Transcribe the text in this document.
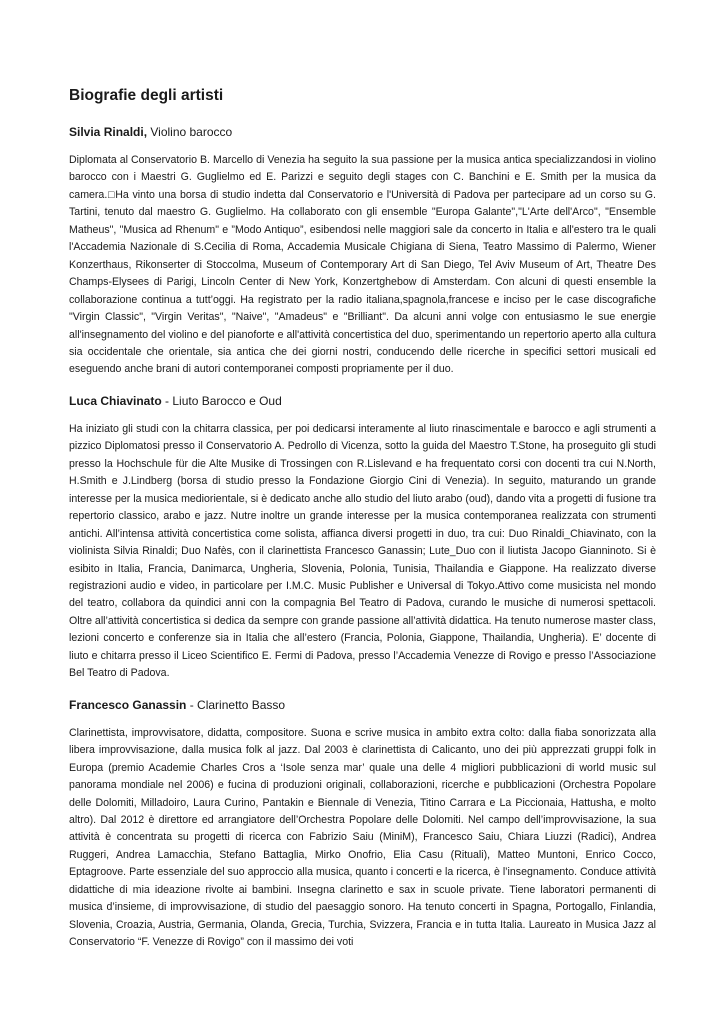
Biografie degli artisti
Silvia Rinaldi, Violino barocco

Diplomata al Conservatorio B. Marcello di Venezia ha seguito la sua passione per la musica antica specializzandosi in violino barocco con i Maestri G. Guglielmo ed E. Parizzi e seguito degli stages con C. Banchini e E. Smith per la musica da camera.□Ha vinto una borsa di studio indetta dal Conservatorio e l'Università di Padova per partecipare ad un corso su G. Tartini, tenuto dal maestro G. Guglielmo. Ha collaborato con gli ensemble "Europa Galante","L'Arte dell'Arco", "Ensemble Matheus", "Musica ad Rhenum" e ”Modo Antiquo”, esibendosi nelle maggiori sale da concerto in Italia e all'estero tra le quali l'Accademia Nazionale di S.Cecilia di Roma, Accademia Musicale Chigiana di Siena, Teatro Massimo di Palermo, Wiener Konzerthaus, Rikonserter di Stoccolma, Museum of Contemporary Art di San Diego, Tel Aviv Museum of Art, Theatre Des Champs-Elysees di Parigi, Lincoln Center di New York, Konzertghebow di Amsterdam. Con alcuni di questi ensemble la collaborazione continua a tutt’oggi. Ha registrato per la radio italiana,spagnola,francese e inciso per le case discografiche "Virgin Classic", "Virgin Veritas", "Naive", "Amadeus" e "Brilliant". Da alcuni anni volge con entusiasmo le sue energie all'insegnamento del violino e del pianoforte e all'attività concertistica del duo, sperimentando un repertorio aperto alla cultura sia occidentale che orientale, sia antica che dei giorni nostri, conducendo delle ricerche in specifici settori musicali ed eseguendo anche brani di autori contemporanei composti propriamente per il duo.

Luca Chiavinato - Liuto Barocco e Oud

Ha iniziato gli studi con la chitarra classica, per poi dedicarsi interamente al liuto rinascimentale e barocco e agli strumenti a pizzico Diplomatosi presso il Conservatorio A. Pedrollo di Vicenza, sotto la guida del Maestro T.Stone, ha proseguito gli studi presso la Hochschule für die Alte Musike di Trossingen con R.Lislevand e ha frequentato corsi con docenti tra cui N.North, H.Smith e J.Lindberg (borsa di studio presso la Fondazione Giorgio Cini di Venezia). In seguito, maturando un grande interesse per la musica mediorientale, si è dedicato anche allo studio del liuto arabo (oud), dando vita a progetti di fusione tra repertorio classico, arabo e jazz. Nutre inoltre un grande interesse per la musica contemporanea realizzata con strumenti antichi. All’intensa attività concertistica come solista, affianca diversi progetti in duo, tra cui: Duo Rinaldi_Chiavinato, con la violinista Silvia Rinaldi; Duo Nafès, con il clarinettista Francesco Ganassin; Lute_Duo con il liutista Jacopo Gianninoto. Si è esibito in Italia, Francia, Danimarca, Ungheria, Slovenia, Polonia, Tunisia, Thailandia e Giappone. Ha realizzato diverse registrazioni audio e video, in particolare per I.M.C. Music Publisher e Universal di Tokyo.Attivo come musicista nel mondo del teatro, collabora da quindici anni con la compagnia Bel Teatro di Padova, curando le musiche di numerosi spettacoli. Oltre all’attività concertistica si dedica da sempre con grande passione all’attività didattica. Ha tenuto numerose master class, lezioni concerto e conferenze sia in Italia che all’estero (Francia, Polonia, Giappone, Thailandia, Ungheria). E’ docente di liuto e chitarra presso il Liceo Scientifico E. Fermi di Padova, presso l’Accademia Venezze di Rovigo e presso l’Associazione Bel Teatro di Padova.

Francesco Ganassin - Clarinetto Basso

Clarinettista, improvvisatore, didatta, compositore. Suona e scrive musica in ambito extra colto: dalla fiaba sonorizzata alla libera improvvisazione, dalla musica folk al jazz. Dal 2003 è clarinettista di Calicanto, uno dei più apprezzati gruppi folk in Europa (premio Academie Charles Cros a ‘Isole senza mar’ quale una delle 4 migliori pubblicazioni di world music sul panorama mondiale nel 2006) e fucina di produzioni originali, collaborazioni, ricerche e pubblicazioni (Orchestra Popolare delle Dolomiti, Milladoiro, Laura Curino, Pantakin e Biennale di Venezia, Titino Carrara e La Piccionaia, Hattusha, e molto altro). Dal 2012 è direttore ed arrangiatore dell’Orchestra Popolare delle Dolomiti. Nel campo dell’improvvisazione, la sua attività è concentrata su progetti di ricerca con Fabrizio Saiu (MiniM), Francesco Saiu, Chiara Liuzzi (Radici), Andrea Ruggeri, Andrea Lamacchia, Stefano Battaglia, Mirko Onofrio, Elia Casu (Rituali), Matteo Muntoni, Enrico Cocco, Eptagroove. Parte essenziale del suo approccio alla musica, quanto i concerti e la ricerca, è l’insegnamento. Conduce attività didattiche di mia ideazione rivolte ai bambini. Insegna clarinetto e sax in scuole private. Tiene laboratori permanenti di musica d’insieme, di improvvisazione, di studio del paesaggio sonoro. Ha tenuto concerti in Spagna, Portogallo, Finlandia, Slovenia, Croazia, Austria, Germania, Olanda, Grecia, Turchia, Svizzera, Francia e in tutta Italia. Laureato in Musica Jazz al Conservatorio “F. Venezze di Rovigo” con il massimo dei voti
